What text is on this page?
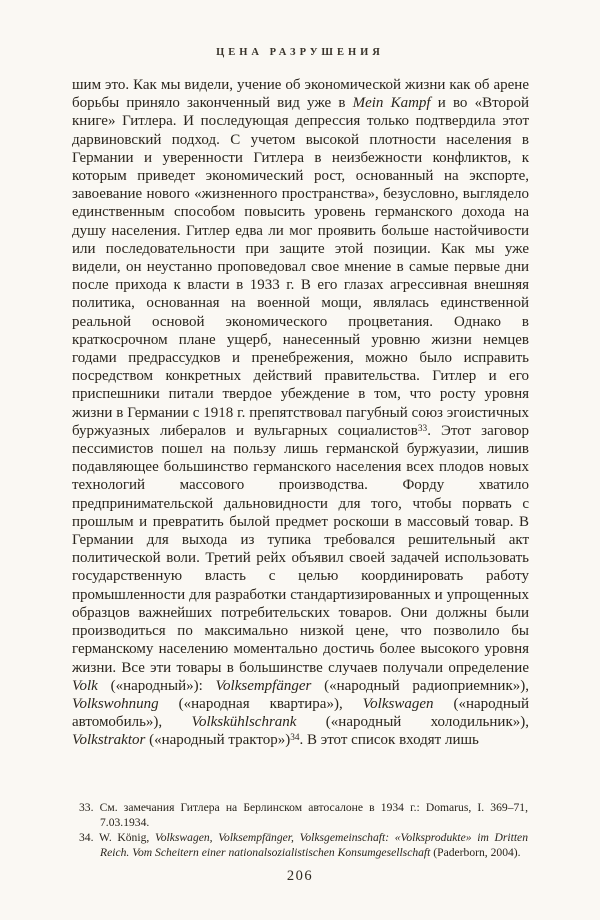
ЦЕНА РАЗРУШЕНИЯ

шим это. Как мы видели, учение об экономической жизни как об арене борьбы приняло законченный вид уже в Mein Kampf и во «Второй книге» Гитлера. И последующая депрессия только подтвердила этот дарвиновский подход. С учетом высокой плотности населения в Германии и уверенности Гитлера в неизбежности конфликтов, к которым приведет экономический рост, основанный на экспорте, завоевание нового «жизненного пространства», безусловно, выглядело единственным способом повысить уровень германского дохода на душу населения. Гитлер едва ли мог проявить больше настойчивости или последовательности при защите этой позиции. Как мы уже видели, он неустанно проповедовал свое мнение в самые первые дни после прихода к власти в 1933 г. В его глазах агрессивная внешняя политика, основанная на военной мощи, являлась единственной реальной основой экономического процветания. Однако в краткосрочном плане ущерб, нанесенный уровню жизни немцев годами предрассудков и пренебрежения, можно было исправить посредством конкретных действий правительства. Гитлер и его приспешники питали твердое убеждение в том, что росту уровня жизни в Германии с 1918 г. препятствовал пагубный союз эгоистичных буржуазных либералов и вульгарных социалистов$^{33}$. Этот заговор пессимистов пошел на пользу лишь германской буржуазии, лишив подавляющее большинство германского населения всех плодов новых технологий массового производства. Форду хватило предпринимательской дальновидности для того, чтобы порвать с прошлым и превратить былой предмет роскоши в массовый товар. В Германии для выхода из тупика требовался решительный акт политической воли. Третий рейх объявил своей задачей использовать государственную власть с целью координировать работу промышленности для разработки стандартизированных и упрощенных образцов важнейших потребительских товаров. Они должны были производиться по максимально низкой цене, что позволило бы германскому населению моментально достичь более высокого уровня жизни. Все эти товары в большинстве случаев получали определение Volk («народный»): Volksempfänger («народный радиоприемник»), Volkswohnung («народная квартира»), Volkswagen («народный автомобиль»), Volkskühlschrank («народный холодильник»), Volkstraktor («народный трактор»)$^{34}$. В этот список входят лишь

33. См. замечания Гитлера на Берлинском автосалоне в 1934 г.: Domarus, I. 369–71, 7.03.1934.

34. W. König, Volkswagen, Volksempfänger, Volksgemeinschaft: «Volksprodukte» im Dritten Reich. Vom Scheitern einer nationalsozialistischen Konsumgesellschaft (Paderborn, 2004).

206
